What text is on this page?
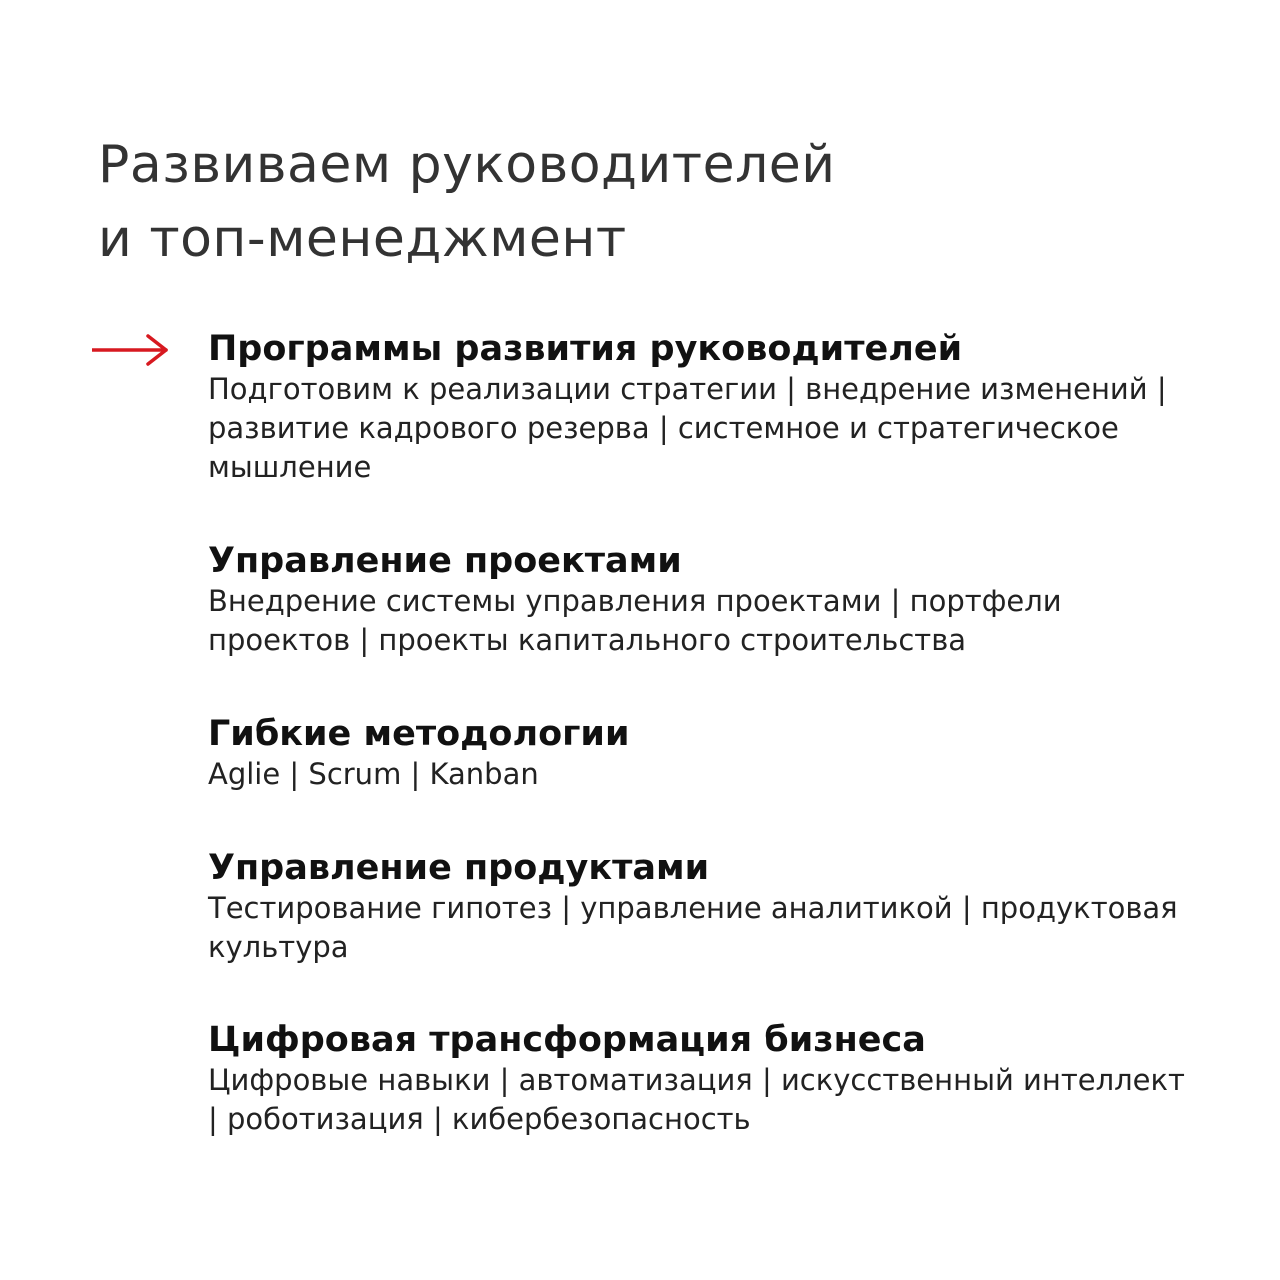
Развиваем руководителей
и топ-менеджмент
Программы развития руководителей

Подготовим к реализации стратегии | внедрение изменений |
развитие кадрового резерва | системное и стратегическое
мышление

Управление проектами

Внедрение системы управления проектами | портфели
проектов | проекты капитального строительства

Гибкие методологии

Aglie | Scrum | Kanban

Управление продуктами

Тестирование гипотез | управление аналитикой | продуктовая
культура

Цифровая трансформация бизнеса

Цифровые навыки | автоматизация | искусственный интеллект
| роботизация | кибербезопасность
